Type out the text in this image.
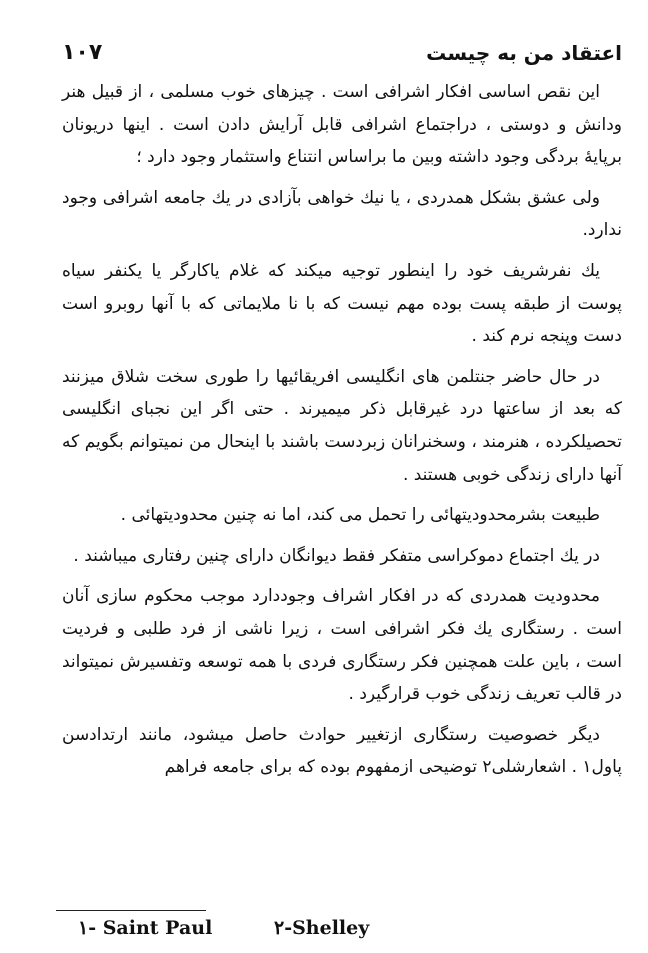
اعتقاد من به چیست
۱۰۷

این نقص اساسی افکار اشرافی است . چیزهای خوب مسلمی ، از قبیل هنر ودانش و دوستی ، دراجتماع اشرافی قابل آرایش دادن است . اینها دریونان برپایهٔ بردگی وجود داشته وبین ما براساس انتناع واستثمار وجود دارد ؛

ولی عشق بشکل همدردی ، یا نیك خواهی بآزادی در یك جامعه اشرافی وجود ندارد.

یك نفرشریف خود را اینطور توجیه میکند که غلام یاکارگر یا یکنفر سیاه پوست از طبقه پست بوده مهم نیست که با نا ملایماتی که با آنها روبرو است دست وپنجه نرم کند .

در حال حاضر جنتلمن های انگلیسی افریقائیها را طوری سخت شلاق میزنند که بعد از ساعتها درد غیرقابل ذکر میمیرند . حتی اگر این نجبای انگلیسی تحصیلکرده ، هنرمند ، وسخنرانان زبردست باشند با اینحال من نمیتوانم بگویم که آنها دارای زندگی خوبی هستند .

طبیعت بشرمحدودیتهائی را تحمل می کند، اما نه چنین محدودیتهائی .

در یك اجتماع دموکراسی متفکر فقط دیوانگان دارای چنین رفتاری میباشند .

محدودیت همدردی که در افکار اشراف وجوددارد موجب محکوم سازی آنان است . رستگاری یك فکر اشرافی است ، زیرا ناشی از فرد طلبی و فردیت است ، باین علت همچنین فکر رستگاری فردی با همه توسعه وتفسیرش نمیتواند در قالب تعریف زندگی خوب قرارگیرد .

دیگر خصوصیت رستگاری ازتغییر حوادث حاصل میشود، مانند ارتدادسن پاول۱ . اشعارشلی۲ توضیحی ازمفهوم بوده که برای جامعه فراهم

۱- Saint Paul	۲-Shelley
